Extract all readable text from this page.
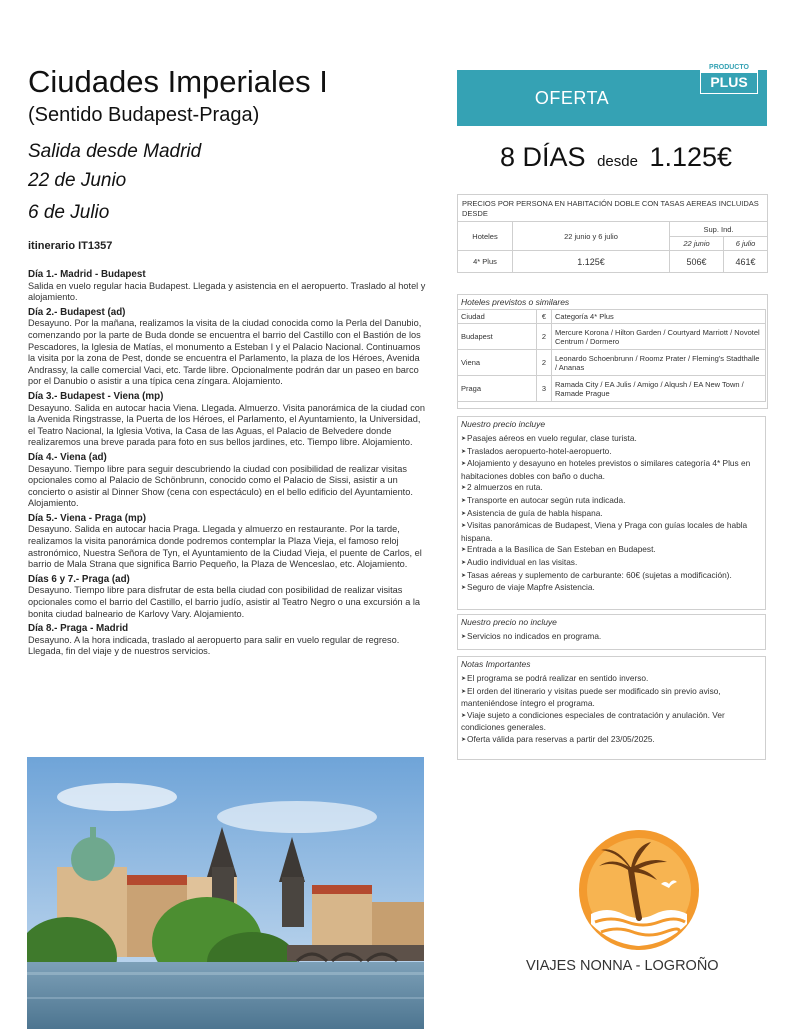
Ciudades Imperiales I
(Sentido Budapest-Praga)
Salida desde Madrid
22 de Junio
6 de Julio
itinerario IT1357
Día 1.- Madrid - Budapest

Salida en vuelo regular hacia Budapest. Llegada y asistencia en el aeropuerto. Traslado al hotel y alojamiento.

Día 2.- Budapest (ad)

Desayuno. Por la mañana, realizamos la visita de la ciudad conocida como la Perla del Danubio, comenzando por la parte de Buda donde se encuentra el barrio del Castillo con el Bastión de los Pescadores, la Iglesia de Matías, el monumento a Esteban I y el Palacio Nacional. Continuamos la visita por la zona de Pest, donde se encuentra el Parlamento, la plaza de los Héroes, Avenida Andrassy, la calle comercial Vaci, etc. Tarde libre. Opcionalmente podrán dar un paseo en barco por el Danubio o asistir a una típica cena zíngara. Alojamiento.

Día 3.- Budapest - Viena (mp)

Desayuno. Salida en autocar hacia Viena. Llegada. Almuerzo. Visita panorámica de la ciudad con la Avenida Ringstrasse, la Puerta de los Héroes, el Parlamento, el Ayuntamiento, la Universidad, el Teatro Nacional, la Iglesia Votiva, la Casa de las Aguas, el Palacio de Belvedere donde realizaremos una breve parada para foto en sus bellos jardines, etc. Tiempo libre. Alojamiento.

Día 4.- Viena (ad)

Desayuno. Tiempo libre para seguir descubriendo la ciudad con posibilidad de realizar visitas opcionales como al Palacio de Schönbrunn, conocido como el Palacio de Sissi, asistir a un concierto o asistir al Dinner Show (cena con espectáculo) en el bello edificio del Ayuntamiento. Alojamiento.

Día 5.- Viena - Praga (mp)

Desayuno. Salida en autocar hacia Praga. Llegada y almuerzo en restaurante. Por la tarde, realizamos la visita panorámica donde podremos contemplar la Plaza Vieja, el famoso reloj astronómico, Nuestra Señora de Tyn, el Ayuntamiento de la Ciudad Vieja, el puente de Carlos, el barrio de Mala Strana que significa Barrio Pequeño, la Plaza de Wenceslao, etc. Alojamiento.

Días 6 y 7.- Praga (ad)

Desayuno. Tiempo libre para disfrutar de esta bella ciudad con posibilidad de realizar visitas opcionales como el barrio del Castillo, el barrio judío, asistir al Teatro Negro o una excursión a la bonita ciudad balneario de Karlovy Vary. Alojamiento.

Día 8.- Praga - Madrid

Desayuno. A la hora indicada, traslado al aeropuerto para salir en vuelo regular de regreso. Llegada, fin del viaje y de nuestros servicios.

OFERTA
PRODUCTO
PLUS
8 DÍAS desde 1.125€
PRECIOS POR PERSONA EN HABITACIÓN DOBLE CON TASAS AEREAS INCLUIDAS DESDE
Hoteles	22 junio y 6 julio	Sup. Ind.	
		22 junio	6 julio
4* Plus	1.125€	506€	461€
Hoteles previstos o similares
Ciudad	€	Categoría 4* Plus
Budapest	2	Mercure Korona / Hilton Garden / Courtyard Marriott / Novotel Centrum / Dormero
Viena	2	Leonardo Schoenbrunn / Roomz Prater / Fleming's Stadthalle / Ananas
Praga	3	Ramada City / EA Julis / Amigo / Alqush / EA New Town / Ramade Prague
Nuestro precio incluye
➤ Pasajes aéreos en vuelo regular, clase turista.
➤ Traslados aeropuerto-hotel-aeropuerto.
➤ Alojamiento y desayuno en hoteles previstos o similares categoría 4* Plus en habitaciones dobles con baño o ducha.
➤ 2 almuerzos en ruta.
➤ Transporte en autocar según ruta indicada.
➤ Asistencia de guía de habla hispana.
➤ Visitas panorámicas de Budapest, Viena y Praga con guías locales de habla hispana.
➤ Entrada a la Basílica de San Esteban en Budapest.
➤ Audio individual en las visitas.
➤ Tasas aéreas y suplemento de carburante: 60€ (sujetas a modificación).
➤ Seguro de viaje Mapfre Asistencia.
Nuestro precio no incluye
➤ Servicios no indicados en programa.
Notas Importantes
➤ El programa se podrá realizar en sentido inverso.
➤ El orden del itinerario y visitas puede ser modificado sin previo aviso, manteniéndose íntegro el programa.
➤ Viaje sujeto a condiciones especiales de contratación y anulación. Ver condiciones generales.
➤ Oferta válida para reservas a partir del 23/05/2025.
VIAJES NONNA - LOGROÑO
